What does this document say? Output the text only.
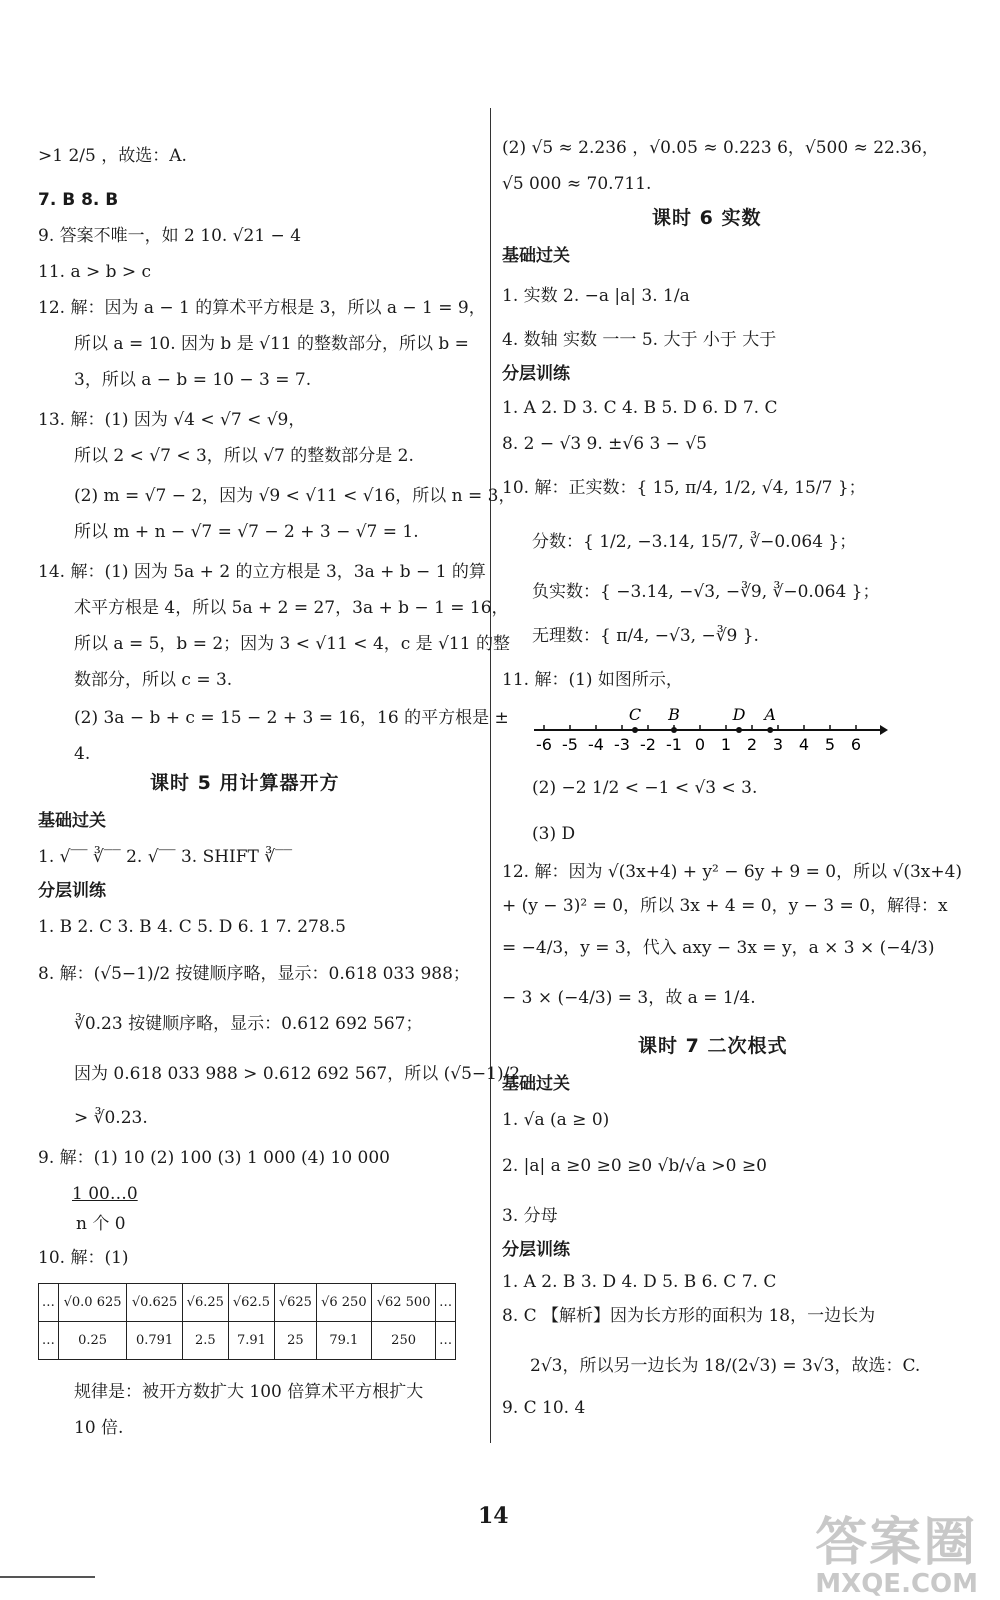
>1 2/5 ，故选：A.
7. B 8. B
9. 答案不唯一，如 2 10. √21 − 4
11. a > b > c
12. 解：因为 a − 1 的算术平方根是 3，所以 a − 1 = 9，
所以 a = 10. 因为 b 是 √11 的整数部分，所以 b =
3，所以 a − b = 10 − 3 = 7.
13. 解：(1) 因为 √4 < √7 < √9，
所以 2 < √7 < 3，所以 √7 的整数部分是 2.
(2) m = √7 − 2，因为 √9 < √11 < √16，所以 n = 3，
所以 m + n − √7 = √7 − 2 + 3 − √7 = 1.
14. 解：(1) 因为 5a + 2 的立方根是 3，3a + b − 1 的算
术平方根是 4，所以 5a + 2 = 27，3a + b − 1 = 16，
所以 a = 5，b = 2；因为 3 < √11 < 4，c 是 √11 的整
数部分，所以 c = 3.
(2) 3a − b + c = 15 − 2 + 3 = 16，16 的平方根是 ±
4.
课时 5 用计算器开方
基础过关
1. √‾‾ ∛‾‾ 2. √‾‾ 3. SHIFT ∛‾‾
分层训练
1. B 2. C 3. B 4. C 5. D 6. 1 7. 278.5
8. 解：(√5−1)/2 按键顺序略，显示：0.618 033 988；
∛0.23 按键顺序略，显示：0.612 692 567；
因为 0.618 033 988 > 0.612 692 567，所以 (√5−1)/2
> ∛0.23.
9. 解：(1) 10 (2) 100 (3) 1 000 (4) 10 000
1 00…0
n 个 0
10. 解：(1)
…	√0.0 625	√0.625	√6.25	√62.5	√625	√6 250	√62 500	…
…	0.25	0.791	2.5	7.91	25	79.1	250	…
规律是：被开方数扩大 100 倍算术平方根扩大
10 倍.
(2) √5 ≈ 2.236 ，√0.05 ≈ 0.223 6，√500 ≈ 22.36，
√5 000 ≈ 70.711.
课时 6 实数
基础过关
1. 实数 2. −a |a| 3. 1/a
4. 数轴 实数 一一 5. 大于 小于 大于
分层训练
1. A 2. D 3. C 4. B 5. D 6. D 7. C
8. 2 − √3 9. ±√6 3 − √5
10. 解：正实数：{ 15, π/4, 1/2, √4, 15/7 }；
分数：{ 1/2, −3.14, 15/7, ∛−0.064 }；
负实数：{ −3.14, −√3, −∛9, ∛−0.064 }；
无理数：{ π/4, −√3, −∛9 }.
11. 解：(1) 如图所示，
-6 -5 -4 -3 -2 -1 0 1 2 3 4 5 6
C B	D A
(2) −2 1/2 < −1 < √3 < 3.
(3) D
12. 解：因为 √(3x+4) + y² − 6y + 9 = 0，所以 √(3x+4)
+ (y − 3)² = 0，所以 3x + 4 = 0，y − 3 = 0，解得：x
= −4/3，y = 3，代入 axy − 3x = y，a × 3 × (−4/3)
− 3 × (−4/3) = 3，故 a = 1/4.
课时 7 二次根式
基础过关
1. √a (a ≥ 0)
2. |a| a ≥0 ≥0 ≥0 √b/√a >0 ≥0
3. 分母
分层训练
1. A 2. B 3. D 4. D 5. B 6. C 7. C
8. C 【解析】因为长方形的面积为 18，一边长为
2√3，所以另一边长为 18/(2√3) = 3√3，故选：C.
9. C 10. 4
14	答案圈
MXQE.COM
